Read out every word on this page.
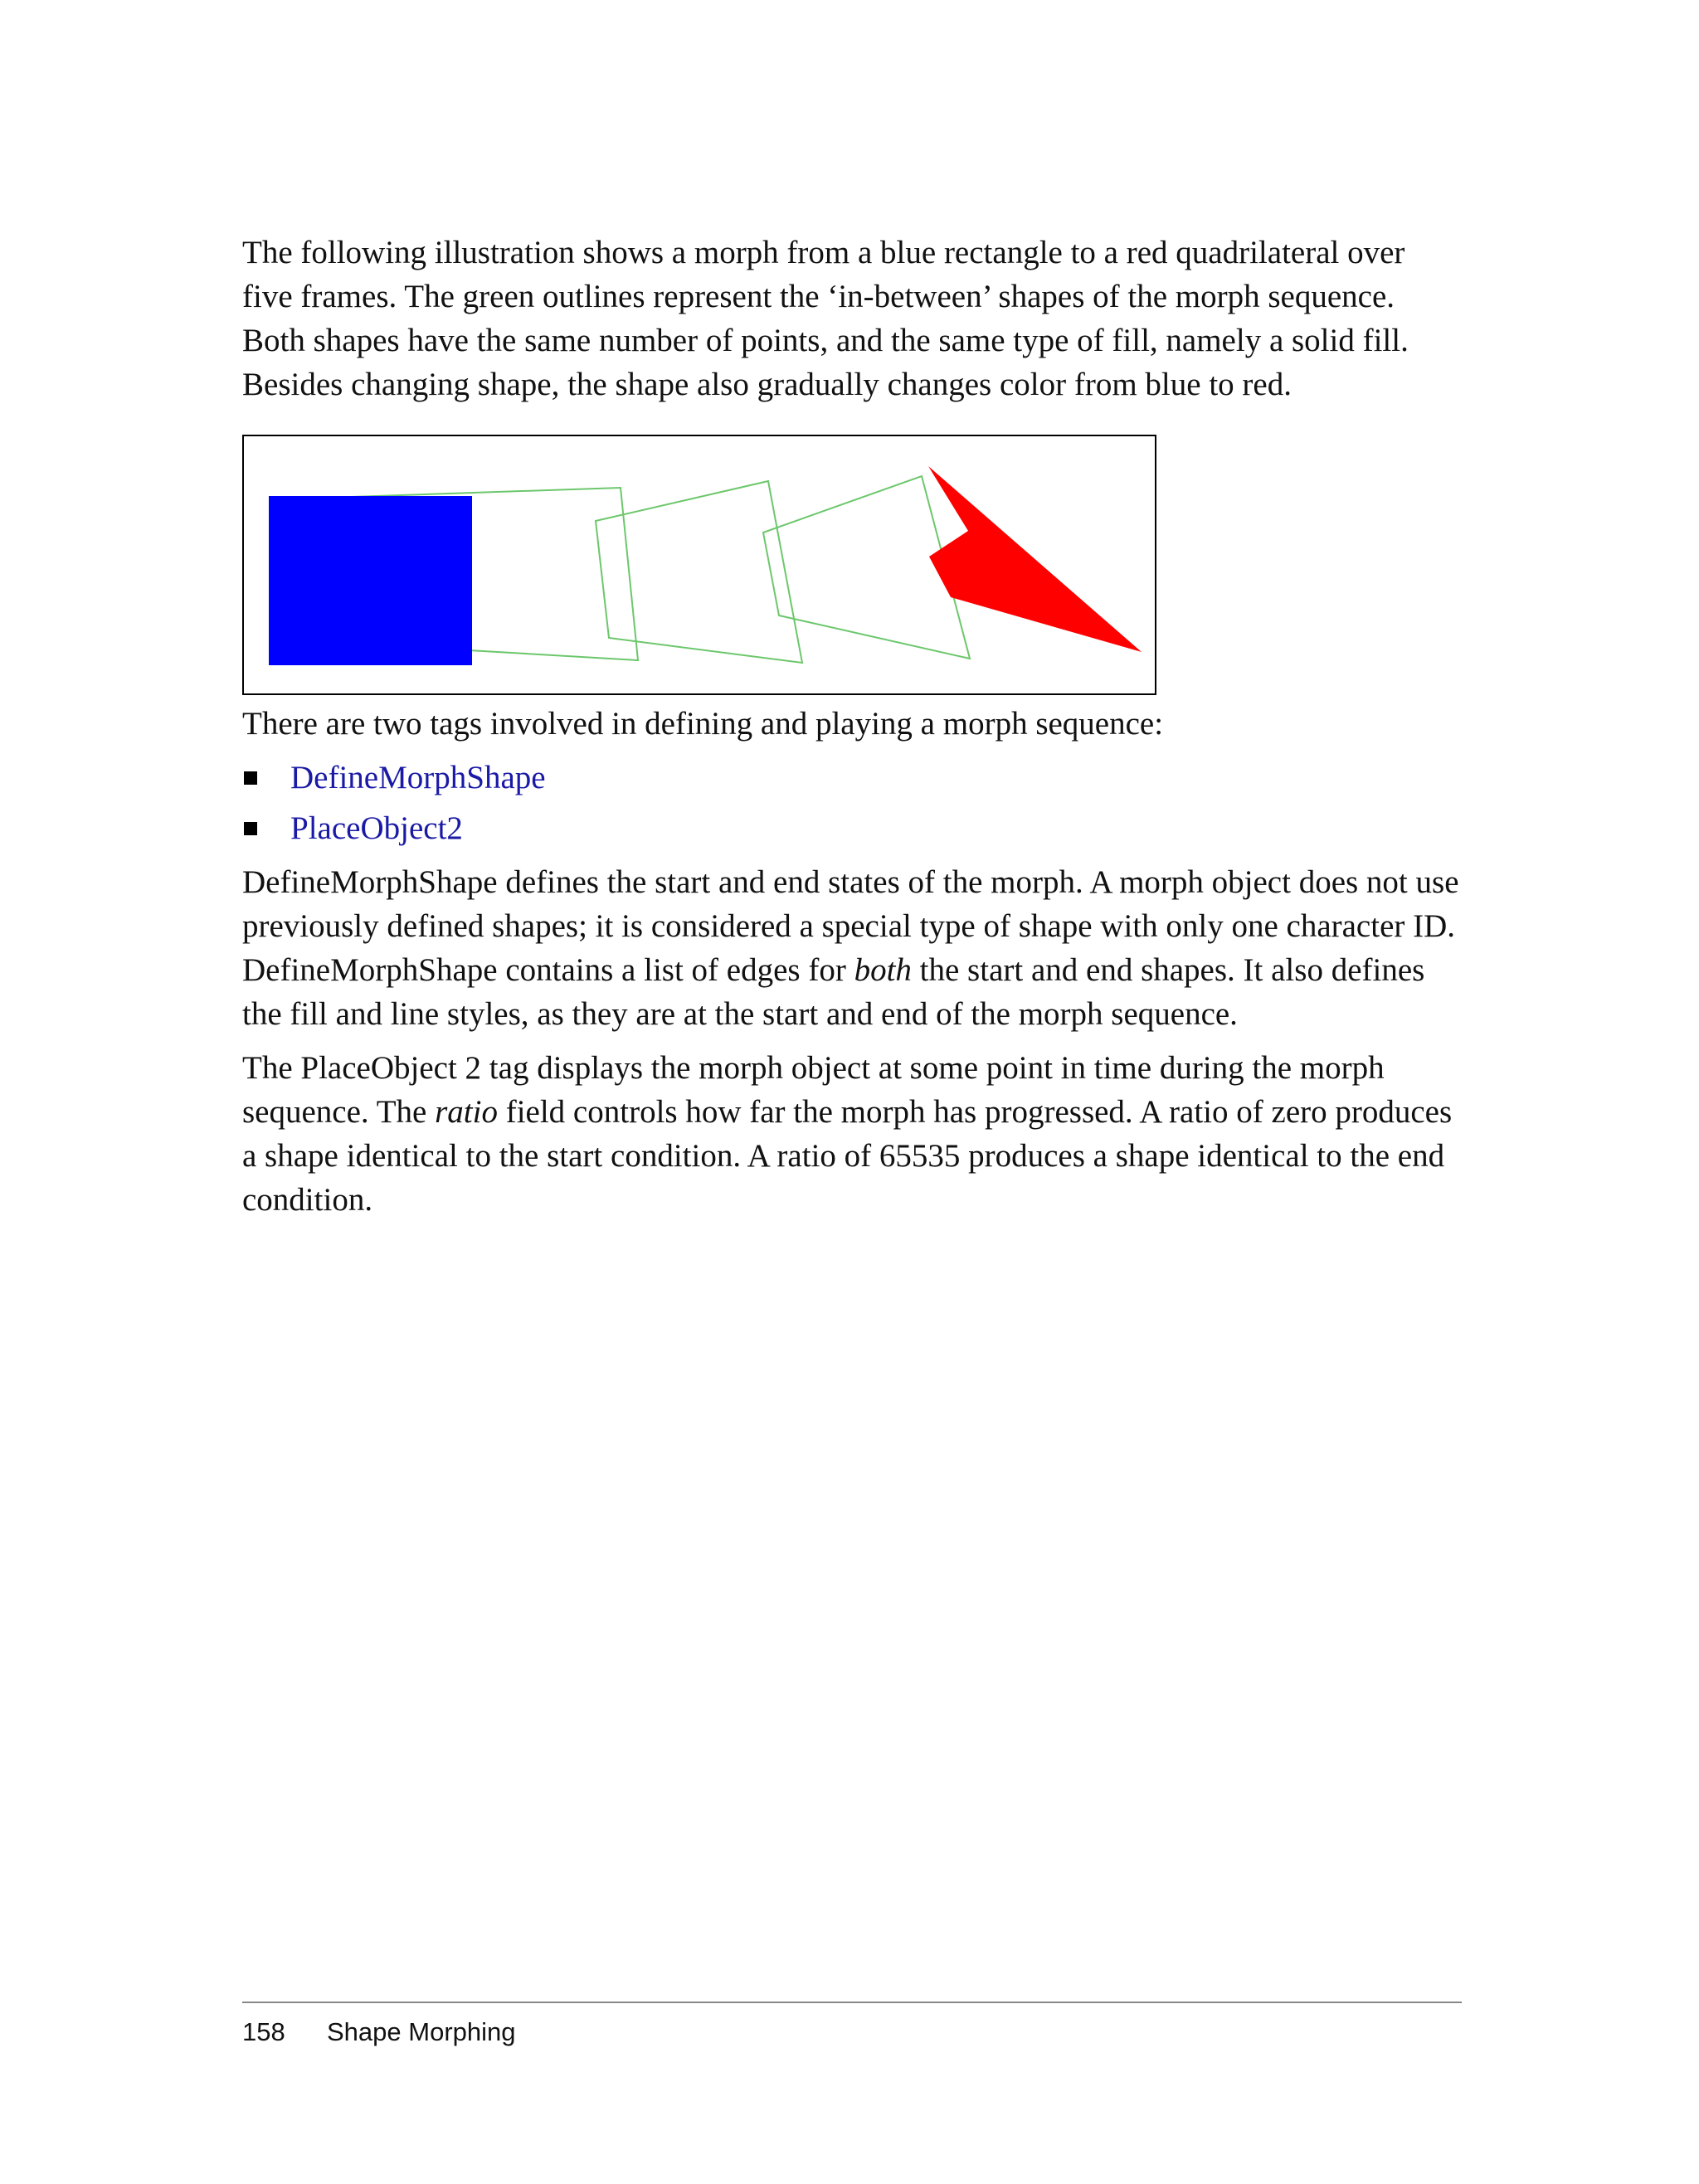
The following illustration shows a morph from a blue rectangle to a red quadrilateral over five frames. The green outlines represent the ‘in-between’ shapes of the morph sequence. Both shapes have the same number of points, and the same type of fill, namely a solid fill. Besides changing shape, the shape also gradually changes color from blue to red.

There are two tags involved in defining and playing a morph sequence:

DefineMorphShape
PlaceObject2

DefineMorphShape defines the start and end states of the morph. A morph object does not use previously defined shapes; it is considered a special type of shape with only one character ID. DefineMorphShape contains a list of edges for both the start and end shapes. It also defines the fill and line styles, as they are at the start and end of the morph sequence.

The PlaceObject 2 tag displays the morph object at some point in time during the morph sequence. The ratio field controls how far the morph has progressed. A ratio of zero produces a shape identical to the start condition. A ratio of 65535 produces a shape identical to the end condition.

158	Shape Morphing
